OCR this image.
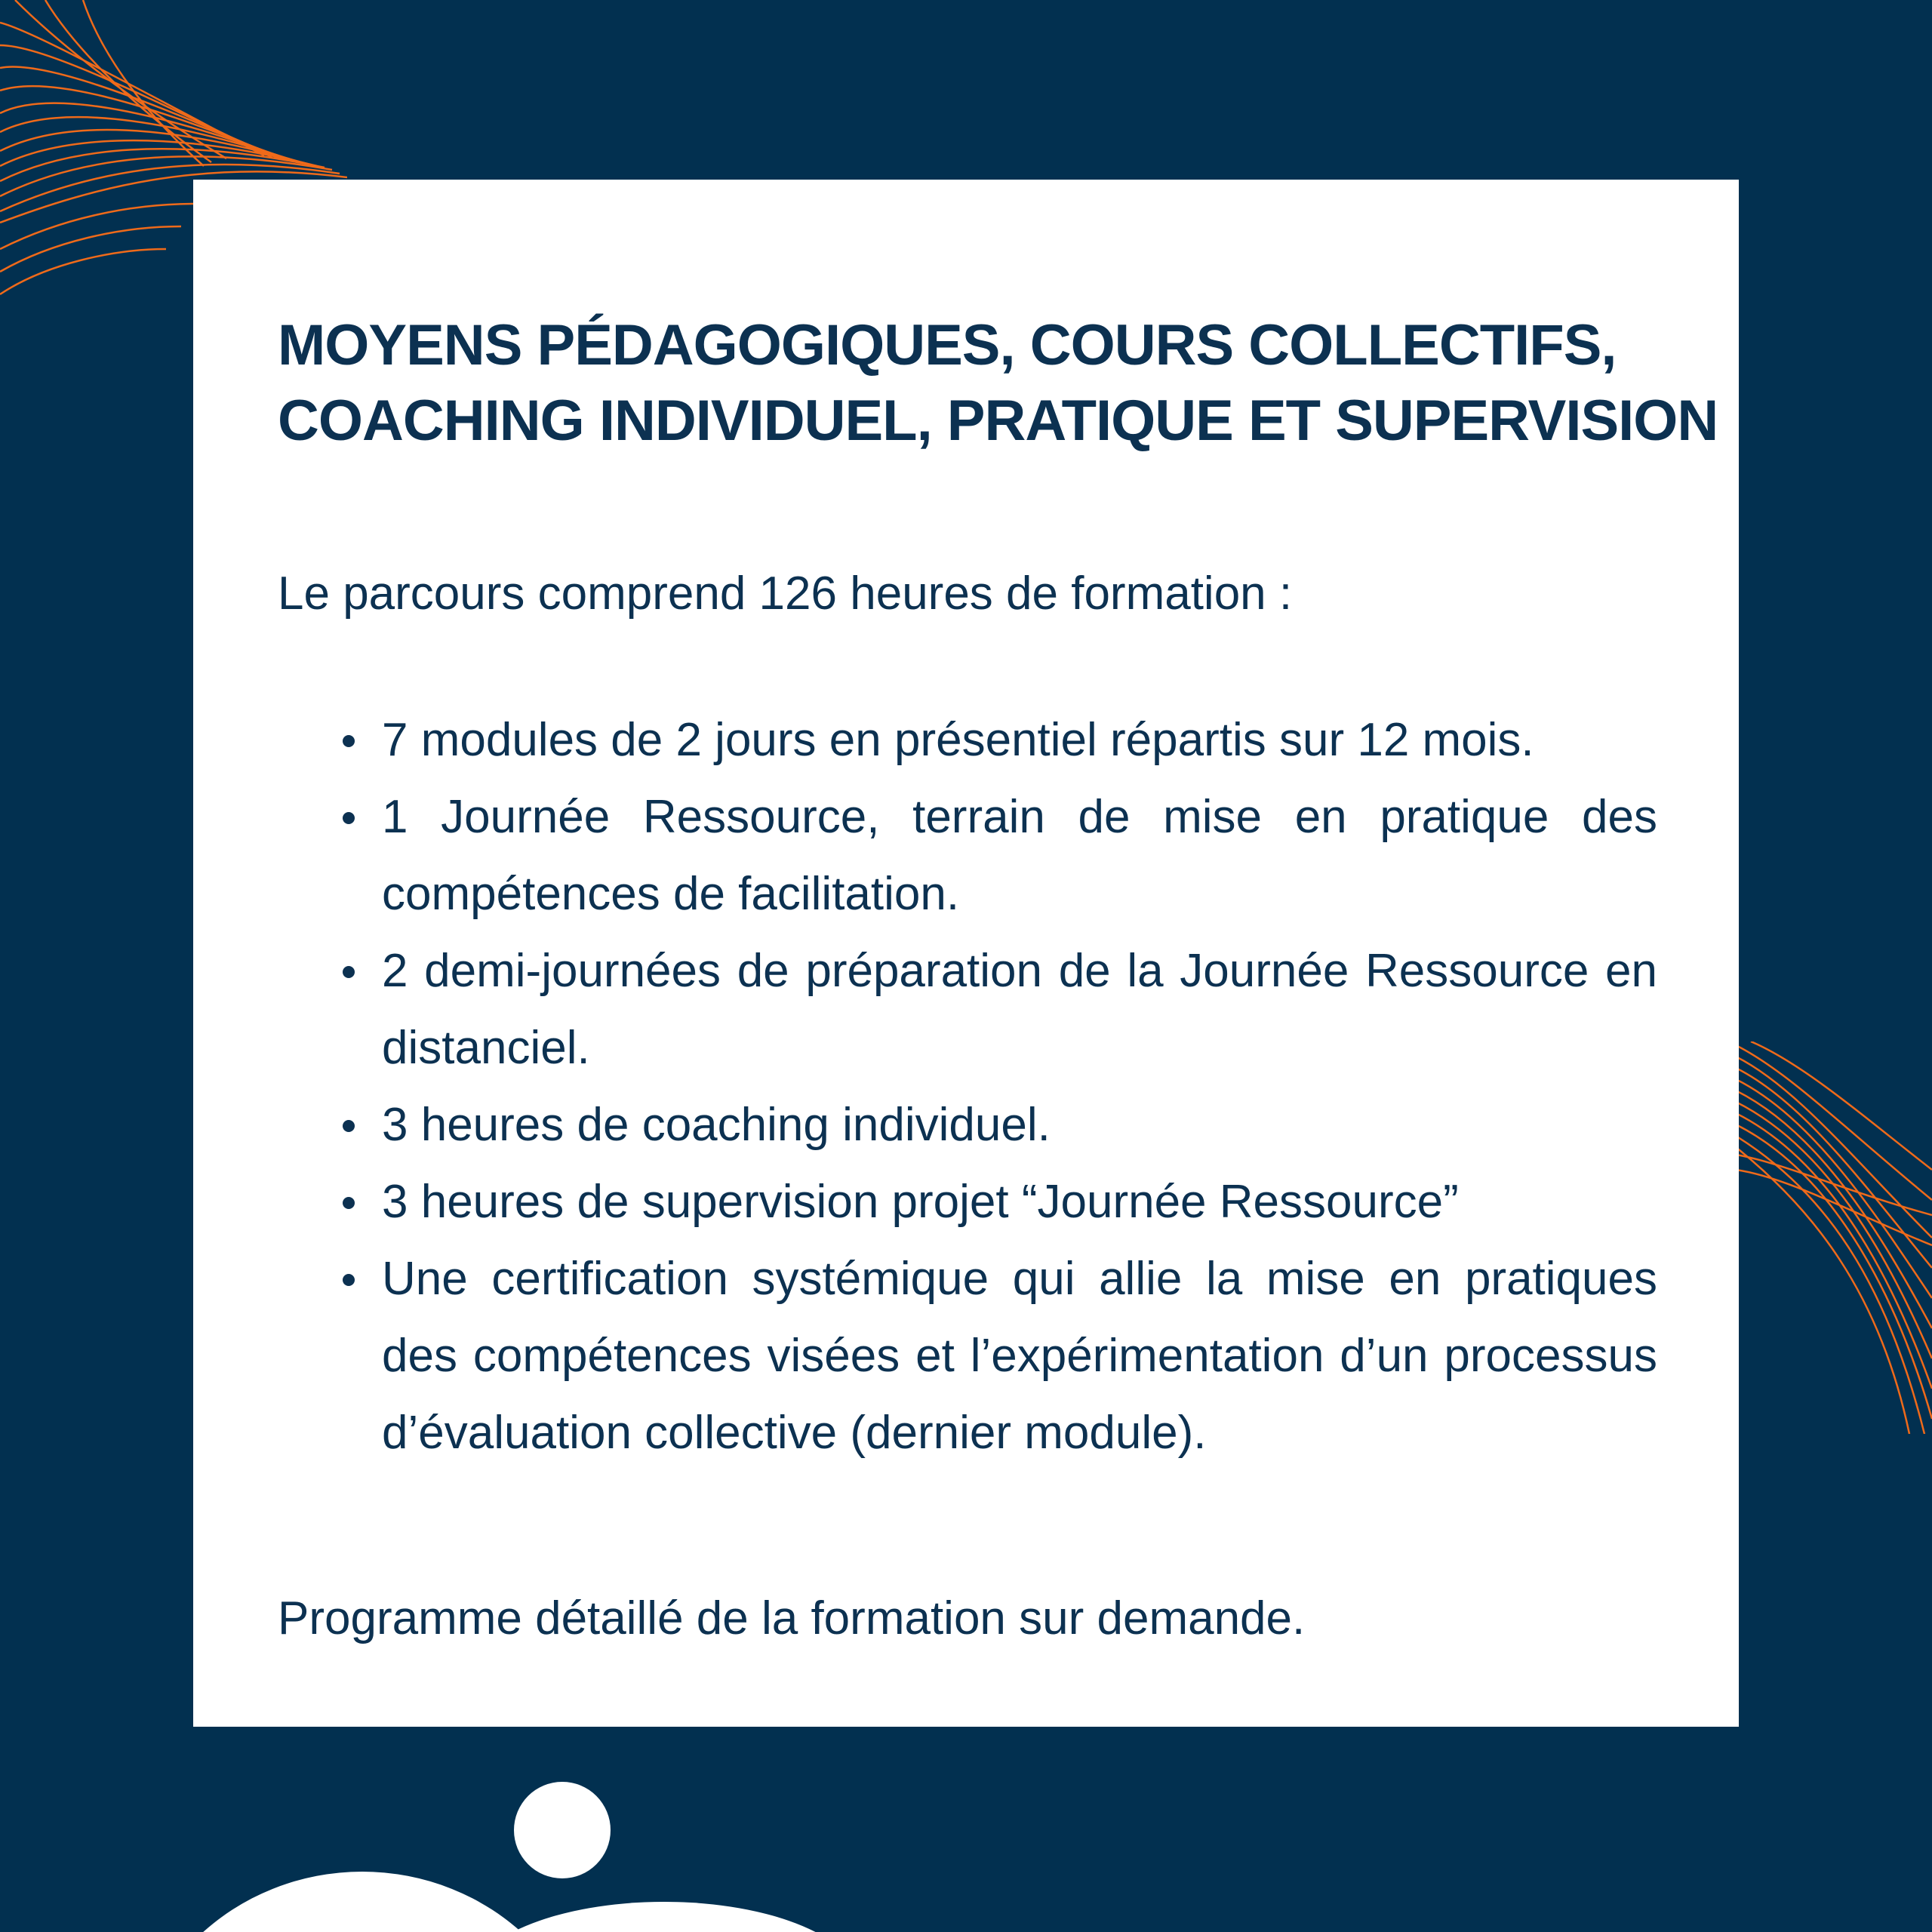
MOYENS PÉDAGOGIQUES, COURS COLLECTIFS,
COACHING INDIVIDUEL, PRATIQUE ET SUPERVISION

Le parcours comprend 126 heures de formation :

7 modules de 2 jours en présentiel répartis sur 12 mois.
1 Journée Ressource, terrain de mise en pratique des compétences de facilitation.
2 demi-journées de préparation de la Journée Ressource en distanciel.
3 heures de coaching individuel.
3 heures de supervision projet “Journée Ressource”
Une certification systémique qui allie la mise en pratiques des compétences visées et l’expérimentation d’un processus d’évaluation collective (dernier module).

Programme détaillé de la formation sur demande.
